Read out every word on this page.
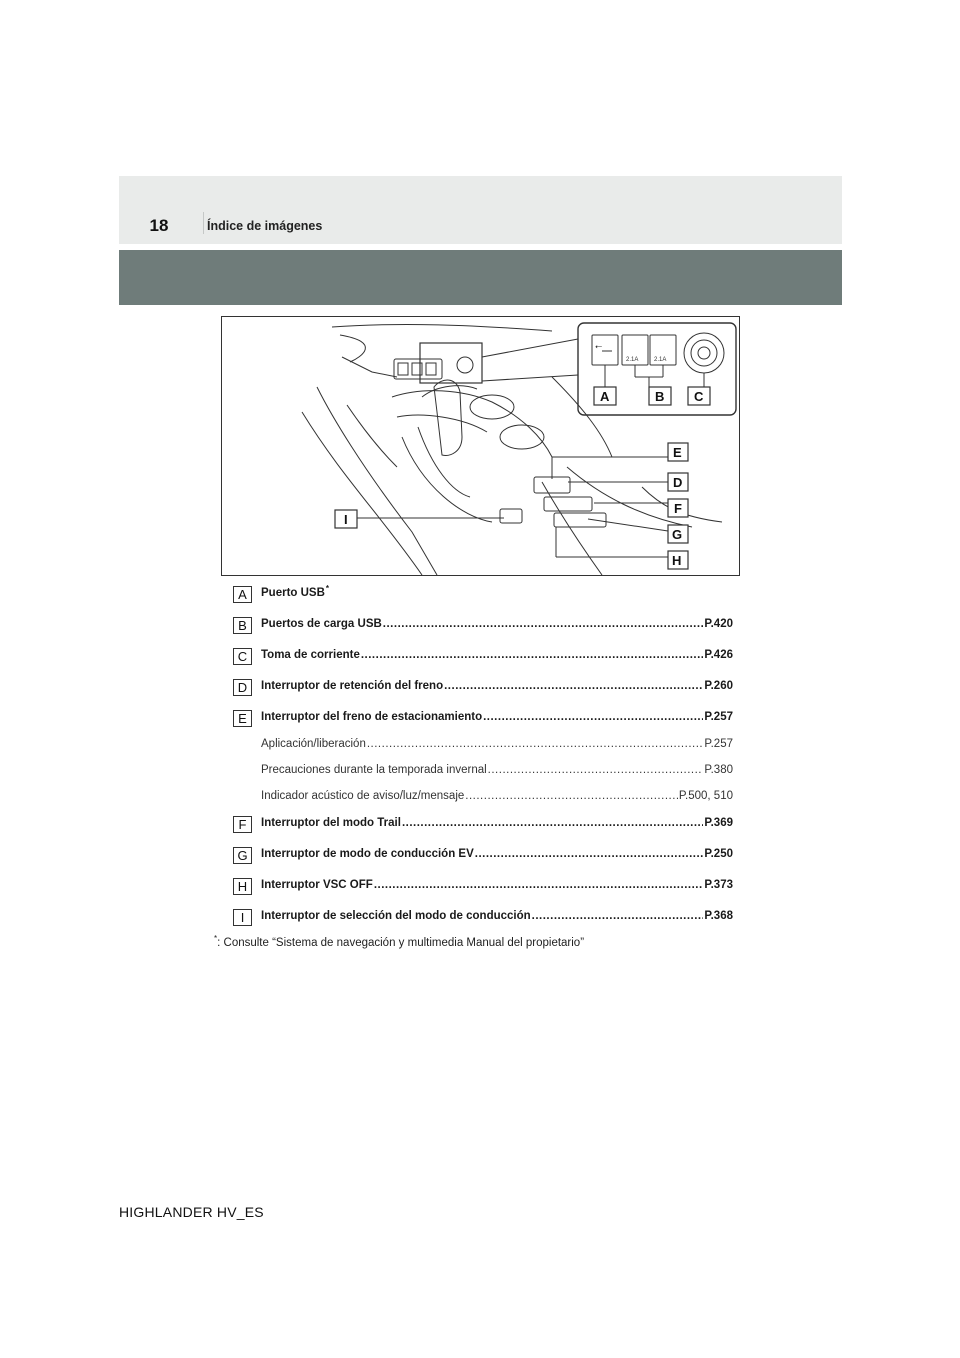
18	Índice de imágenes
⭠
2.1A	2.1A
A	B C
D
E
F
G
H
I
A	Puerto USB *
B	Puertos de carga USB .....	P.420
C	Toma de corriente .....	P.426
D	Interruptor de retención del freno .....	P.260
E	Interruptor del freno de estacionamiento .....	P.257
Aplicación/liberación .....	P.257
Precauciones durante la temporada invernal .....	P.380
Indicador acústico de aviso/luz/mensaje .....	P.500, 510
F	Interruptor del modo Trail .....	P.369
G	Interruptor de modo de conducción EV .....	P.250
H	Interruptor VSC OFF .....	P.373
I	Interruptor de selección del modo de conducción .....	P.368
*: Consulte “Sistema de navegación y multimedia Manual del propietario”
HIGHLANDER HV_ES
